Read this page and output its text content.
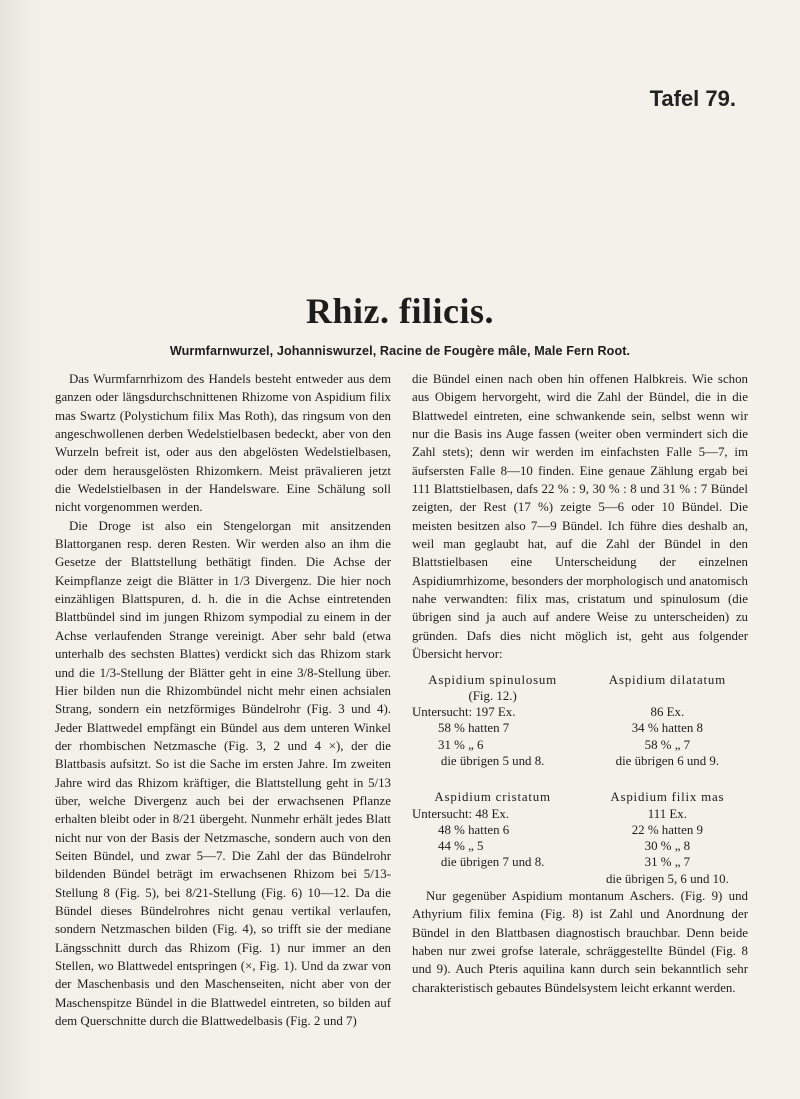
Tafel 79.
Rhiz. filicis.
Wurmfarnwurzel, Johanniswurzel, Racine de Fougère mâle, Male Fern Root.

Das Wurmfarnrhizom des Handels besteht entweder aus dem ganzen oder längsdurchschnittenen Rhizome von Aspidium filix mas Swartz (Polystichum filix Mas Roth), das ringsum von den angeschwollenen derben Wedelstielbasen bedeckt, aber von den Wurzeln befreit ist, oder aus den abgelösten Wedelstielbasen, oder dem herausgelösten Rhizomkern. Meist prävalieren jetzt die Wedelstielbasen in der Handelsware. Eine Schälung soll nicht vorgenommen werden.

Die Droge ist also ein Stengelorgan mit ansitzenden Blattorganen resp. deren Resten. Wir werden also an ihm die Gesetze der Blattstellung bethätigt finden. Die Achse der Keimpflanze zeigt die Blätter in 1/3 Divergenz. Die hier noch einzähligen Blattspuren, d. h. die in die Achse eintretenden Blattbündel sind im jungen Rhizom sympodial zu einem in der Achse verlaufenden Strange vereinigt. Aber sehr bald (etwa unterhalb des sechsten Blattes) verdickt sich das Rhizom stark und die 1/3-Stellung der Blätter geht in eine 3/8-Stellung über. Hier bilden nun die Rhizombündel nicht mehr einen achsialen Strang, sondern ein netzförmiges Bündelrohr (Fig. 3 und 4). Jeder Blattwedel empfängt ein Bündel aus dem unteren Winkel der rhombischen Netzmasche (Fig. 3, 2 und 4 ×), der die Blattbasis aufsitzt. So ist die Sache im ersten Jahre. Im zweiten Jahre wird das Rhizom kräftiger, die Blattstellung geht in 5/13 über, welche Divergenz auch bei der erwachsenen Pflanze erhalten bleibt oder in 8/21 übergeht. Nunmehr erhält jedes Blatt nicht nur von der Basis der Netzmasche, sondern auch von den Seiten Bündel, und zwar 5—7. Die Zahl der das Bündelrohr bildenden Bündel beträgt im erwachsenen Rhizom bei 5/13-Stellung 8 (Fig. 5), bei 8/21-Stellung (Fig. 6) 10—12. Da die Bündel dieses Bündelrohres nicht genau vertikal verlaufen, sondern Netzmaschen bilden (Fig. 4), so trifft sie der mediane Längsschnitt durch das Rhizom (Fig. 1) nur immer an den Stellen, wo Blattwedel entspringen (×, Fig. 1). Und da zwar von der Maschenbasis und den Maschenseiten, nicht aber von der Maschenspitze Bündel in die Blattwedel eintreten, so bilden auf dem Querschnitte durch die Blattwedelbasis (Fig. 2 und 7)

die Bündel einen nach oben hin offenen Halbkreis. Wie schon aus Obigem hervorgeht, wird die Zahl der Bündel, die in die Blattwedel eintreten, eine schwankende sein, selbst wenn wir nur die Basis ins Auge fassen (weiter oben vermindert sich die Zahl stets); denn wir werden im einfachsten Falle 5—7, im äufsersten Falle 8—10 finden. Eine genaue Zählung ergab bei 111 Blattstielbasen, dafs 22 % : 9, 30 % : 8 und 31 % : 7 Bündel zeigten, der Rest (17 %) zeigte 5—6 oder 10 Bündel. Die meisten besitzen also 7—9 Bündel. Ich führe dies deshalb an, weil man geglaubt hat, auf die Zahl der Bündel in den Blattstielbasen eine Unterscheidung der einzelnen Aspidiumrhizome, besonders der morphologisch und anatomisch nahe verwandten: filix mas, cristatum und spinulosum (die übrigen sind ja auch auf andere Weise zu unterscheiden) zu gründen. Dafs dies nicht möglich ist, geht aus folgender Übersicht hervor:

Aspidium spinulosum
(Fig. 12.)
Untersucht: 197 Ex.
58 % hatten 7
31 % „ 6
die übrigen 5 und 8.
Aspidium dilatatum

86 Ex.
34 % hatten 8
58 % „ 7
die übrigen 6 und 9.
Aspidium cristatum
Untersucht: 48 Ex.
48 % hatten 6
44 % „ 5
die übrigen 7 und 8.
Aspidium filix mas
111 Ex.
22 % hatten 9
30 % „ 8
31 % „ 7
die übrigen 5, 6 und 10.

Nur gegenüber Aspidium montanum Aschers. (Fig. 9) und Athyrium filix femina (Fig. 8) ist Zahl und Anordnung der Bündel in den Blattbasen diagnostisch brauchbar. Denn beide haben nur zwei grofse laterale, schräggestellte Bündel (Fig. 8 und 9). Auch Pteris aquilina kann durch sein bekanntlich sehr charakteristisch gebautes Bündelsystem leicht erkannt werden.
